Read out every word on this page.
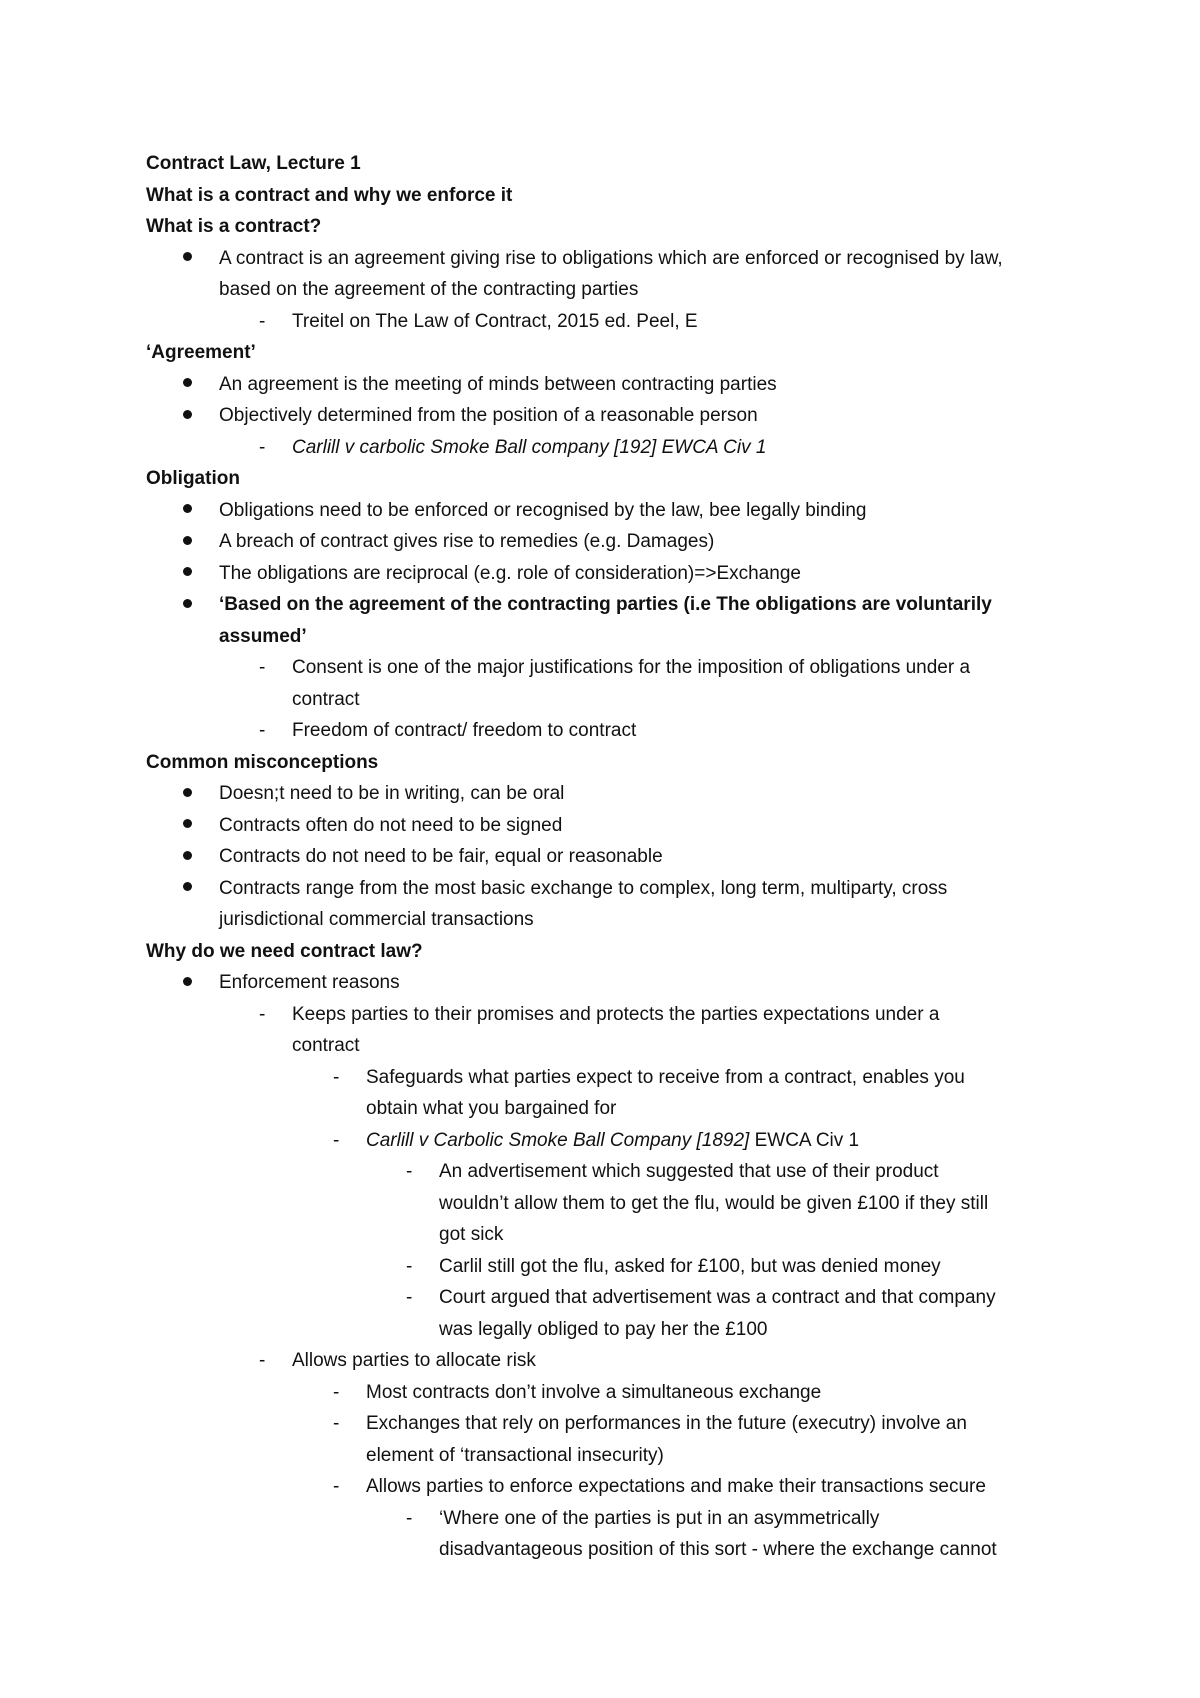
Contract Law, Lecture 1
What is a contract and why we enforce it
What is a contract?
A contract is an agreement giving rise to obligations which are enforced or recognised by law,
based on the agreement of the contracting parties
- Treitel on The Law of Contract, 2015 ed. Peel, E
‘Agreement’
An agreement is the meeting of minds between contracting parties
Objectively determined from the position of a reasonable person
- Carlill v carbolic Smoke Ball company [192] EWCA Civ 1
Obligation
Obligations need to be enforced or recognised by the law, bee legally binding
A breach of contract gives rise to remedies (e.g. Damages)
The obligations are reciprocal (e.g. role of consideration)=>Exchange
‘Based on the agreement of the contracting parties (i.e The obligations are voluntarily
assumed’
- Consent is one of the major justifications for the imposition of obligations under a
contract
- Freedom of contract/ freedom to contract
Common misconceptions
Doesn;t need to be in writing, can be oral
Contracts often do not need to be signed
Contracts do not need to be fair, equal or reasonable
Contracts range from the most basic exchange to complex, long term, multiparty, cross
jurisdictional commercial transactions
Why do we need contract law?
Enforcement reasons
- Keeps parties to their promises and protects the parties expectations under a
contract
- Safeguards what parties expect to receive from a contract, enables you
obtain what you bargained for
- Carlill v Carbolic Smoke Ball Company [1892] EWCA Civ 1
- An advertisement which suggested that use of their product
wouldn’t allow them to get the flu, would be given £100 if they still
got sick
- Carlil still got the flu, asked for £100, but was denied money
- Court argued that advertisement was a contract and that company
was legally obliged to pay her the £100
- Allows parties to allocate risk
- Most contracts don’t involve a simultaneous exchange
- Exchanges that rely on performances in the future (executry) involve an
element of ‘transactional insecurity)
- Allows parties to enforce expectations and make their transactions secure
- ‘Where one of the parties is put in an asymmetrically
disadvantageous position of this sort - where the exchange cannot
